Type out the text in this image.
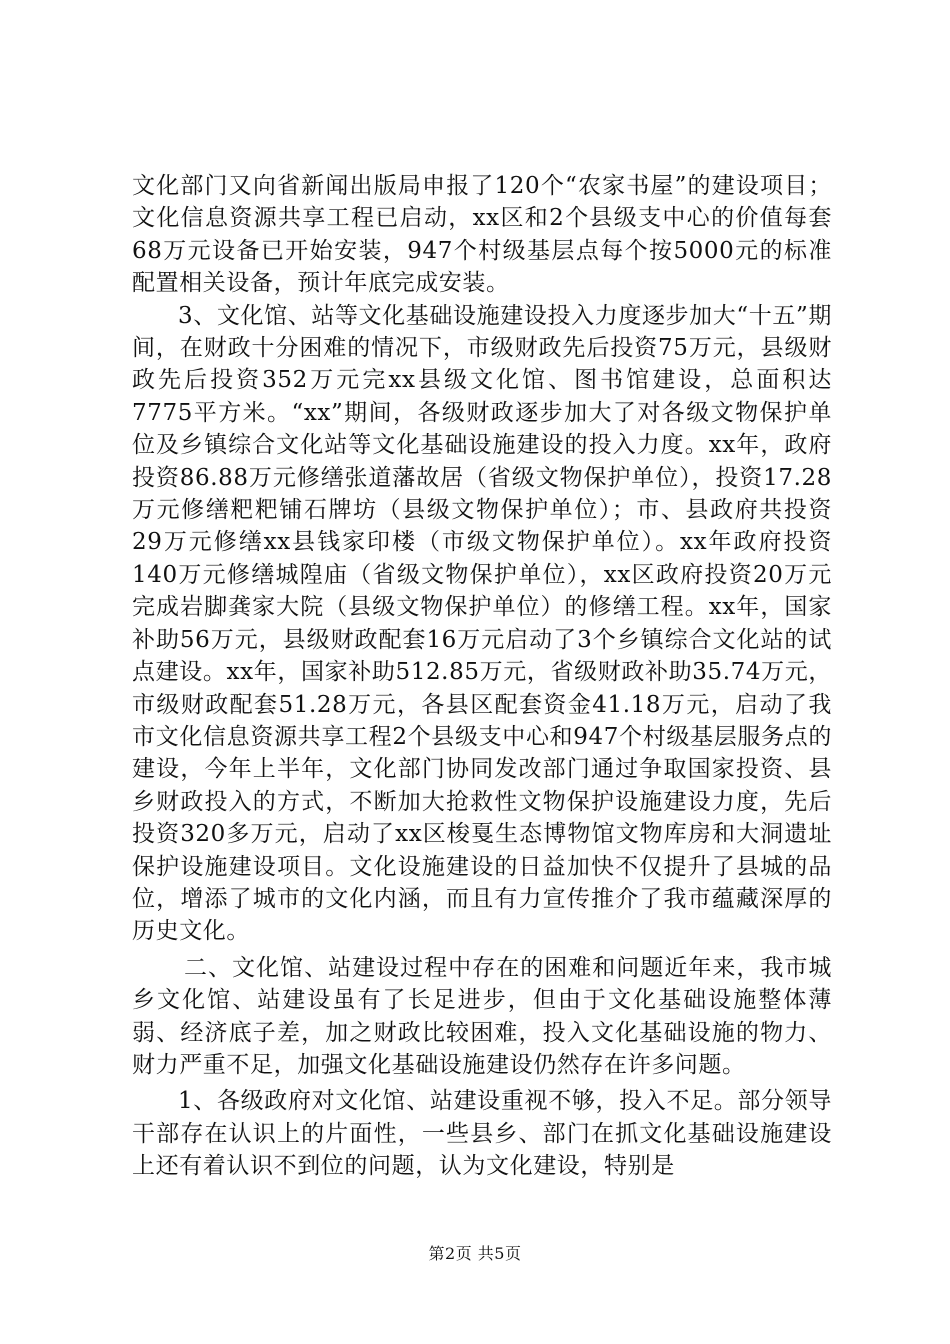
文化部门又向省新闻出版局申报了120个“农家书屋”的建设项目；文化信息资源共享工程已启动，xx区和2个县级支中心的价值每套68万元设备已开始安装，947个村级基层点每个按5000元的标准配置相关设备，预计年底完成安装。

3、文化馆、站等文化基础设施建设投入力度逐步加大“十五”期间，在财政十分困难的情况下，市级财政先后投资75万元，县级财政先后投资352万元完xx县级文化馆、图书馆建设，总面积达7775平方米。“xx”期间，各级财政逐步加大了对各级文物保护单位及乡镇综合文化站等文化基础设施建设的投入力度。xx年，政府投资86.88万元修缮张道藩故居（省级文物保护单位），投资17.28万元修缮粑粑铺石牌坊（县级文物保护单位）；市、县政府共投资29万元修缮xx县钱家印楼（市级文物保护单位）。xx年政府投资140万元修缮城隍庙（省级文物保护单位），xx区政府投资20万元完成岩脚龚家大院（县级文物保护单位）的修缮工程。xx年，国家补助56万元，县级财政配套16万元启动了3个乡镇综合文化站的试点建设。xx年，国家补助512.85万元，省级财政补助35.74万元，市级财政配套51.28万元，各县区配套资金41.18万元，启动了我市文化信息资源共享工程2个县级支中心和947个村级基层服务点的建设，今年上半年，文化部门协同发改部门通过争取国家投资、县乡财政投入的方式，不断加大抢救性文物保护设施建设力度，先后投资320多万元，启动了xx区梭戛生态博物馆文物库房和大洞遗址保护设施建设项目。文化设施建设的日益加快不仅提升了县城的品位，增添了城市的文化内涵，而且有力宣传推介了我市蕴藏深厚的历史文化。

二、文化馆、站建设过程中存在的困难和问题近年来，我市城乡文化馆、站建设虽有了长足进步，但由于文化基础设施整体薄弱、经济底子差，加之财政比较困难，投入文化基础设施的物力、财力严重不足，加强文化基础设施建设仍然存在许多问题。

1、各级政府对文化馆、站建设重视不够，投入不足。部分领导干部存在认识上的片面性，一些县乡、部门在抓文化基础设施建设上还有着认识不到位的问题，认为文化建设，特别是

第2页 共5页
